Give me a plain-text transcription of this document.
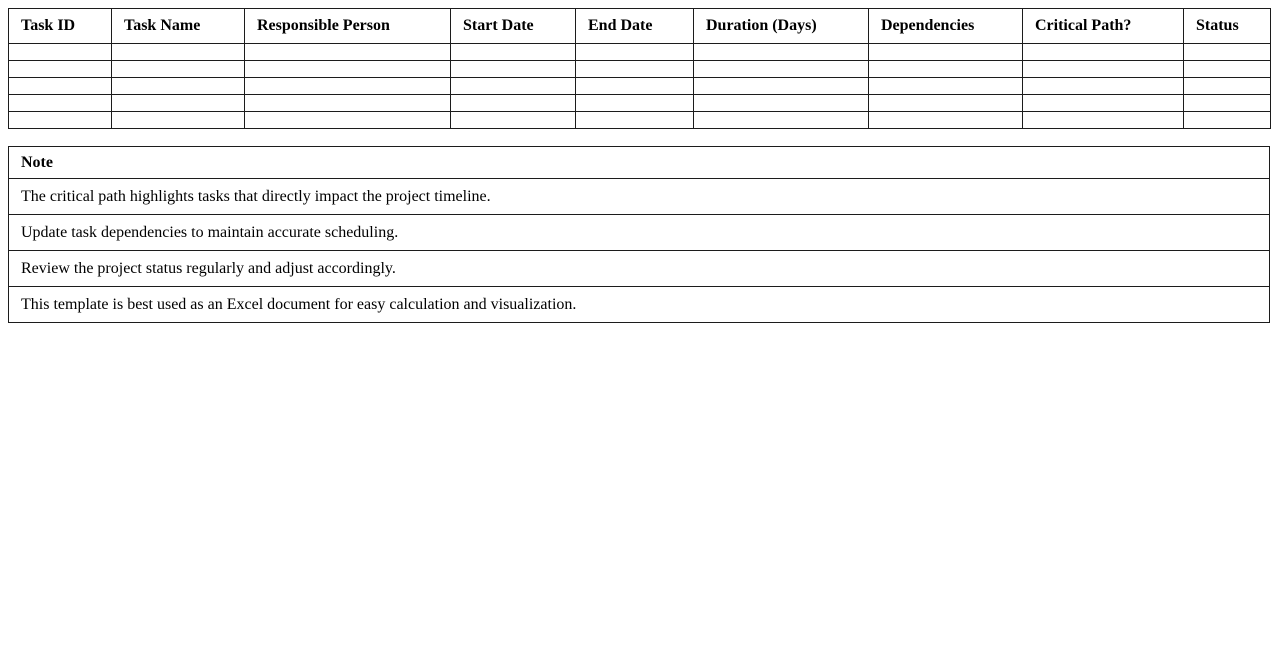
Task ID	Task Name	Responsible Person	Start Date	End Date	Duration (Days)	Dependencies	Critical Path?	Status

Note
The critical path highlights tasks that directly impact the project timeline.
Update task dependencies to maintain accurate scheduling.
Review the project status regularly and adjust accordingly.
This template is best used as an Excel document for easy calculation and visualization.
